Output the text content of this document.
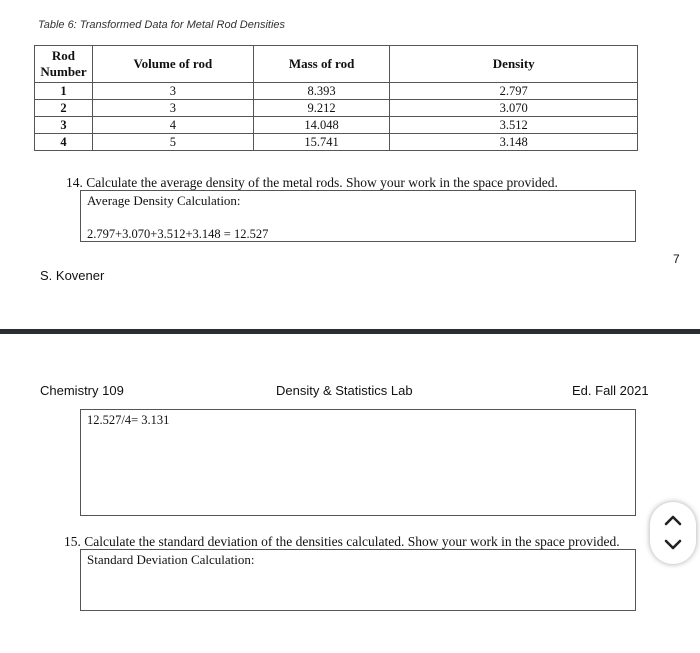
Table 6: Transformed Data for Metal Rod Densities
Rod Number	Volume of rod	Mass of rod	Density
1	3	8.393	2.797
2	3	9.212	3.070
3	4	14.048	3.512
4	5	15.741	3.148
14. Calculate the average density of the metal rods. Show your work in the space provided.
Average Density Calculation:
2.797+3.070+3.512+3.148 = 12.527
7
S. Kovener
Chemistry 109	Density & Statistics Lab	Ed. Fall 2021
12.527/4= 3.131
15. Calculate the standard deviation of the densities calculated. Show your work in the space provided.
Standard Deviation Calculation:
